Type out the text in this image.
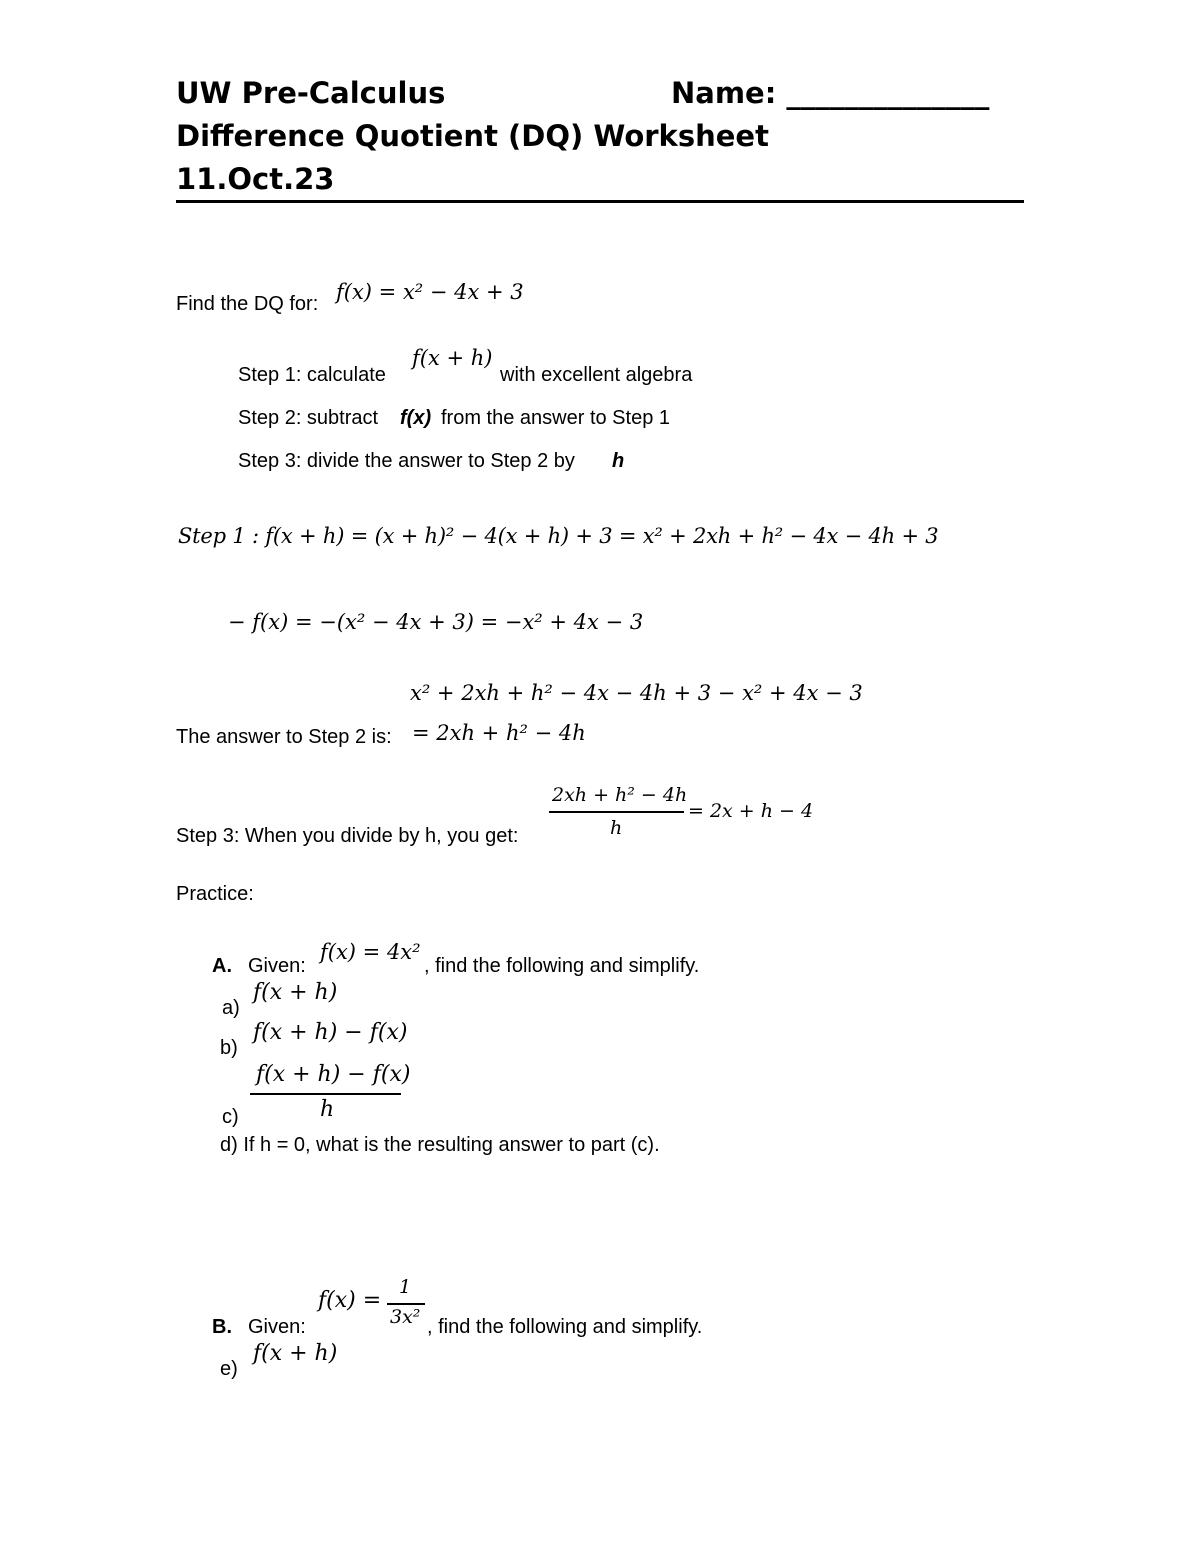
UW Pre-Calculus	Name: ______________
Difference Quotient (DQ) Worksheet
11.Oct.23
Find the DQ for: f(x) = x² − 4x + 3
Step 1: calculate
f(x + h)
with excellent algebra
Step 2: subtract f(x) from the answer to Step 1
Step 3: divide the answer to Step 2 by h
Step 1 : f(x + h) = (x + h)² − 4(x + h) + 3 = x² + 2xh + h² − 4x − 4h + 3
− f(x) = −(x² − 4x + 3) = −x² + 4x − 3
x² + 2xh + h² − 4x − 4h + 3 − x² + 4x − 3
The answer to Step 2 is: = 2xh + h² − 4h
Step 3: When you divide by h, you get:
2xh + h² − 4h
h
= 2x + h − 4
Practice:
A. Given:
f(x) = 4x²
, find the following and simplify.
a)
f(x + h)
b)
f(x + h) − f(x)
f(x + h) − f(x)
h
c)
d) If h = 0, what is the resulting answer to part (c).
B. Given:
f(x) =
1
3x² , find the following and simplify.
e)
f(x + h)
